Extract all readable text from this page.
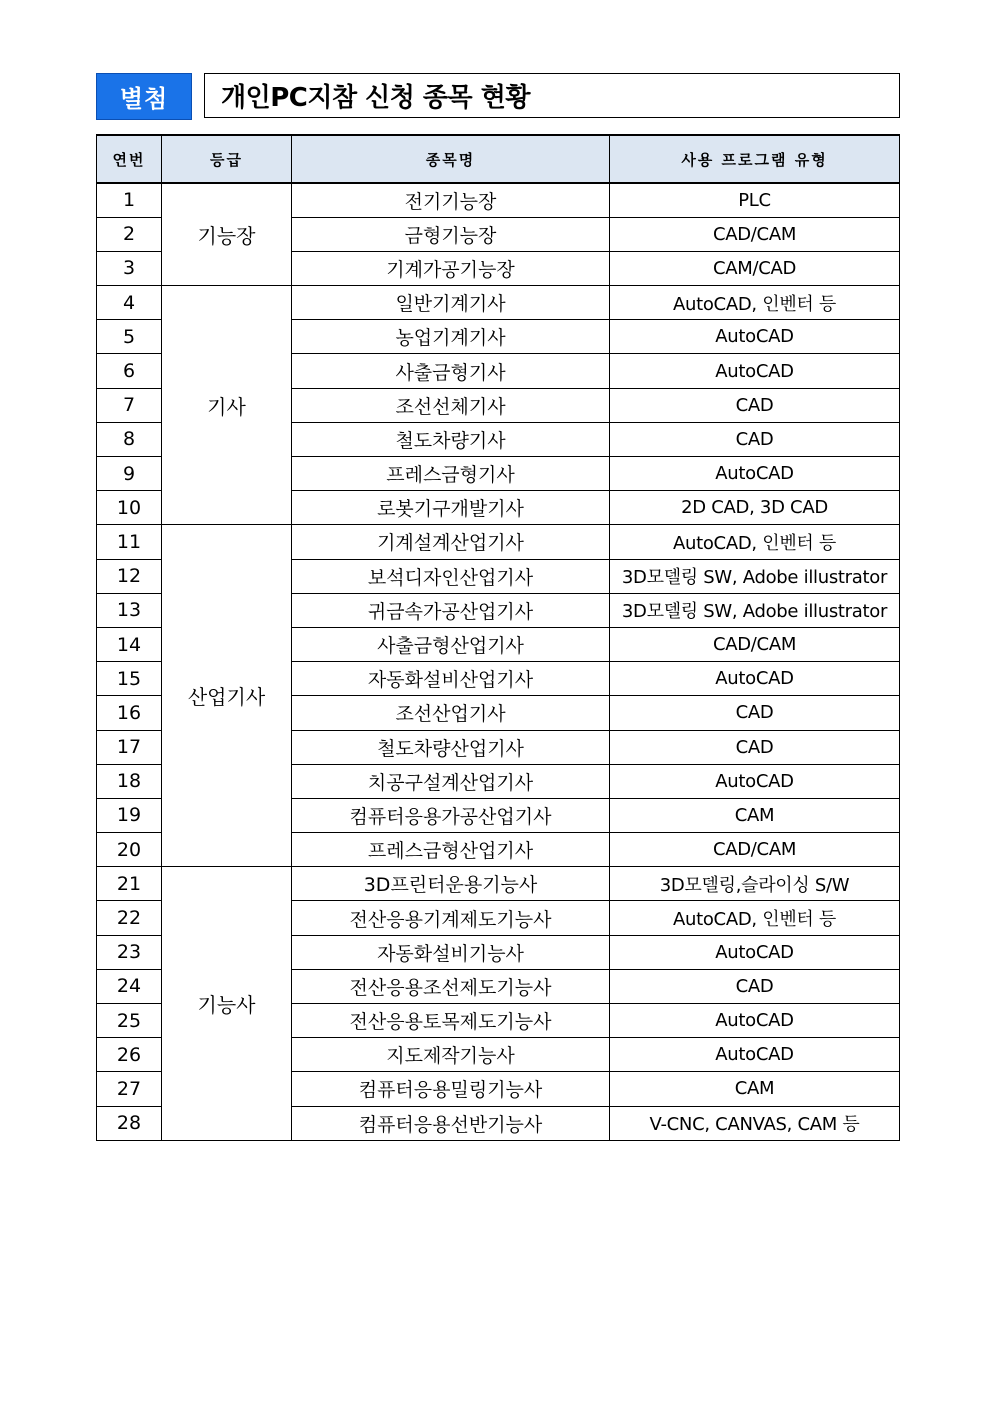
별첨	개인PC지참 신청 종목 현황
연번	등급	종목명	사용 프로그램 유형
1	기능장	전기기능장	PLC
2		금형기능장	CAD/CAM
3		기계가공기능장	CAM/CAD
4	기사	일반기계기사	AutoCAD, 인벤터 등
5		농업기계기사	AutoCAD
6		사출금형기사	AutoCAD
7		조선선체기사	CAD
8		철도차량기사	CAD
9		프레스금형기사	AutoCAD
10		로봇기구개발기사	2D CAD, 3D CAD
11	산업기사	기계설계산업기사	AutoCAD, 인벤터 등
12		보석디자인산업기사	3D모델링 SW, Adobe illustrator
13		귀금속가공산업기사	3D모델링 SW, Adobe illustrator
14		사출금형산업기사	CAD/CAM
15		자동화설비산업기사	AutoCAD
16		조선산업기사	CAD
17		철도차량산업기사	CAD
18		치공구설계산업기사	AutoCAD
19		컴퓨터응용가공산업기사	CAM
20		프레스금형산업기사	CAD/CAM
21	기능사	3D프린터운용기능사	3D모델링,슬라이싱 S/W
22		전산응용기계제도기능사	AutoCAD, 인벤터 등
23		자동화설비기능사	AutoCAD
24		전산응용조선제도기능사	CAD
25		전산응용토목제도기능사	AutoCAD
26		지도제작기능사	AutoCAD
27		컴퓨터응용밀링기능사	CAM
28		컴퓨터응용선반기능사	V-CNC, CANVAS, CAM 등
